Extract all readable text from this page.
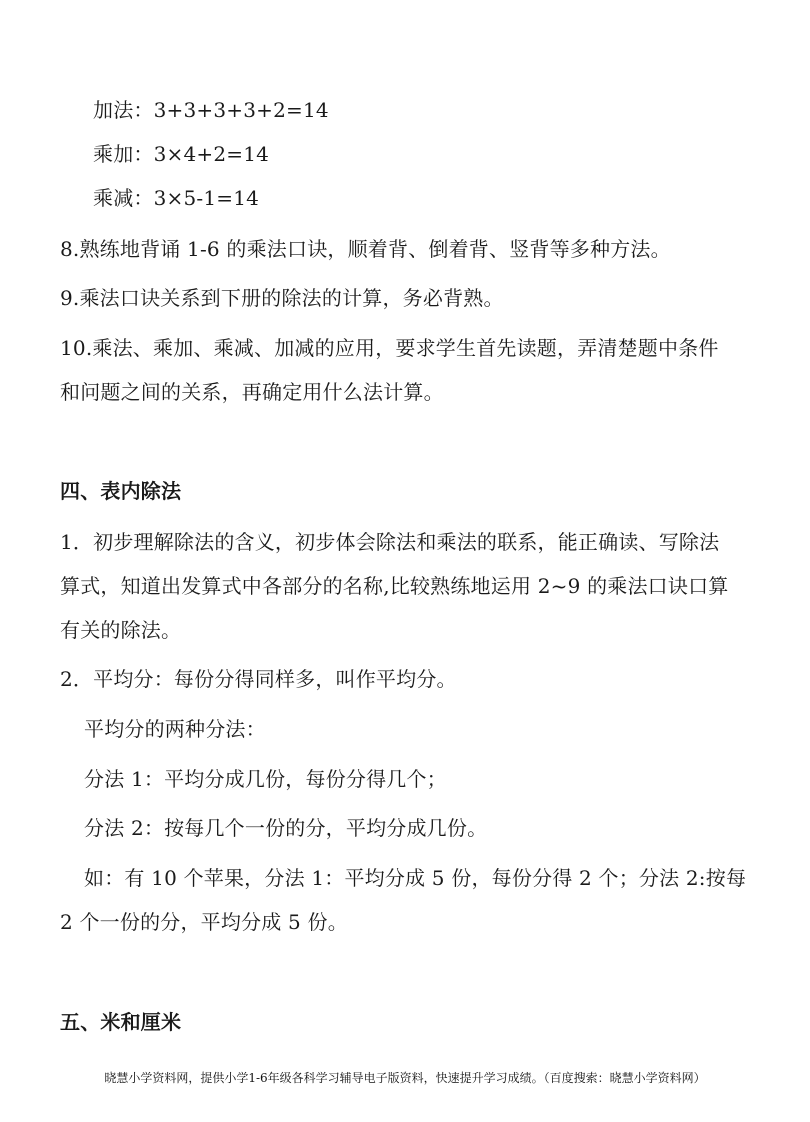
加法：3+3+3+3+2=14
乘加：3×4+2=14
乘减：3×5-1=14
8.熟练地背诵 1-6 的乘法口诀，顺着背、倒着背、竖背等多种方法。
9.乘法口诀关系到下册的除法的计算，务必背熟。
10.乘法、乘加、乘减、加减的应用，要求学生首先读题，弄清楚题中条件
和问题之间的关系，再确定用什么法计算。
四、表内除法
1．初步理解除法的含义，初步体会除法和乘法的联系，能正确读、写除法
算式，知道出发算式中各部分的名称,比较熟练地运用 2~9 的乘法口诀口算
有关的除法。
2．平均分：每份分得同样多，叫作平均分。
平均分的两种分法：
分法 1：平均分成几份，每份分得几个；
分法 2：按每几个一份的分，平均分成几份。
如：有 10 个苹果，分法 1：平均分成 5 份，每份分得 2 个；分法 2:按每
2 个一份的分，平均分成 5 份。
五、米和厘米
晓慧小学资料网，提供小学1-6年级各科学习辅导电子版资料，快速提升学习成绩。（百度搜索：晓慧小学资料网）
